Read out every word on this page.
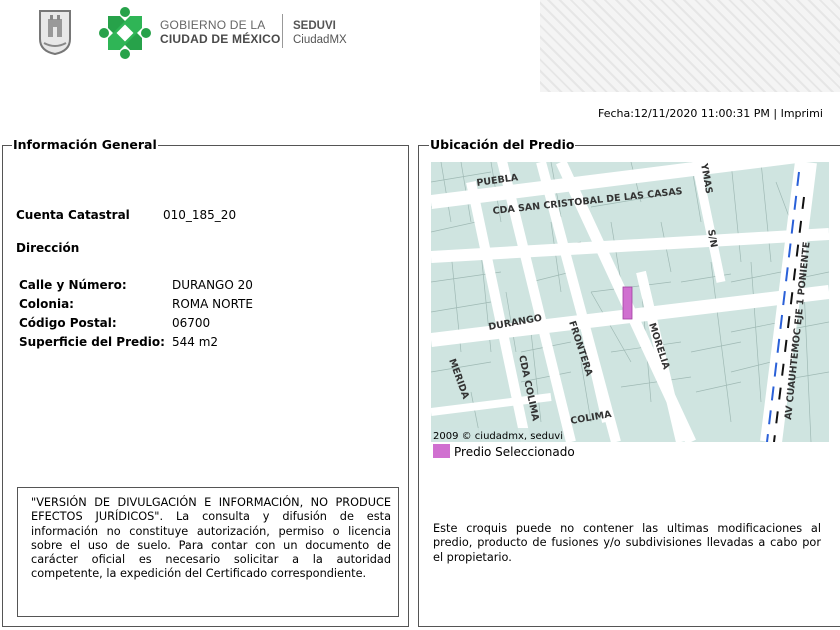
GOBIERNO DE LA
CIUDAD DE MÉXICO
SEDUVI
CiudadMX
Fecha:12/11/2020 11:00:31 PM | Imprimi
Información General
Cuenta Catastral	010_185_20
Dirección
Calle y Número:	DURANGO 20
Colonia:	ROMA NORTE
Código Postal:	06700
Superficie del Predio: 544 m2
"VERSIÓN DE DIVULGACIÓN E INFORMACIÓN, NO PRODUCE EFECTOS JURÍDICOS". La consulta y difusión de esta información no constituye autorización, permiso o licencia sobre el uso de suelo. Para contar con un documento de carácter oficial es necesario solicitar a la autoridad competente, la expedición del Certificado correspondiente.
Ubicación del Predio
PUEBLA
CDA SAN CRISTOBAL DE LAS CASAS
YMAS
S/N
DURANGO FRONTERA	MORELIA
MERIDA	CDA COLIMA	COLIMA	AV CUAUHTEMOC EJE 1 PONIENTE
2009 © ciudadmx, seduvi
Predio Seleccionado
Este croquis puede no contener las ultimas modificaciones al predio, producto de fusiones y/o subdivisiones llevadas a cabo por el propietario.
